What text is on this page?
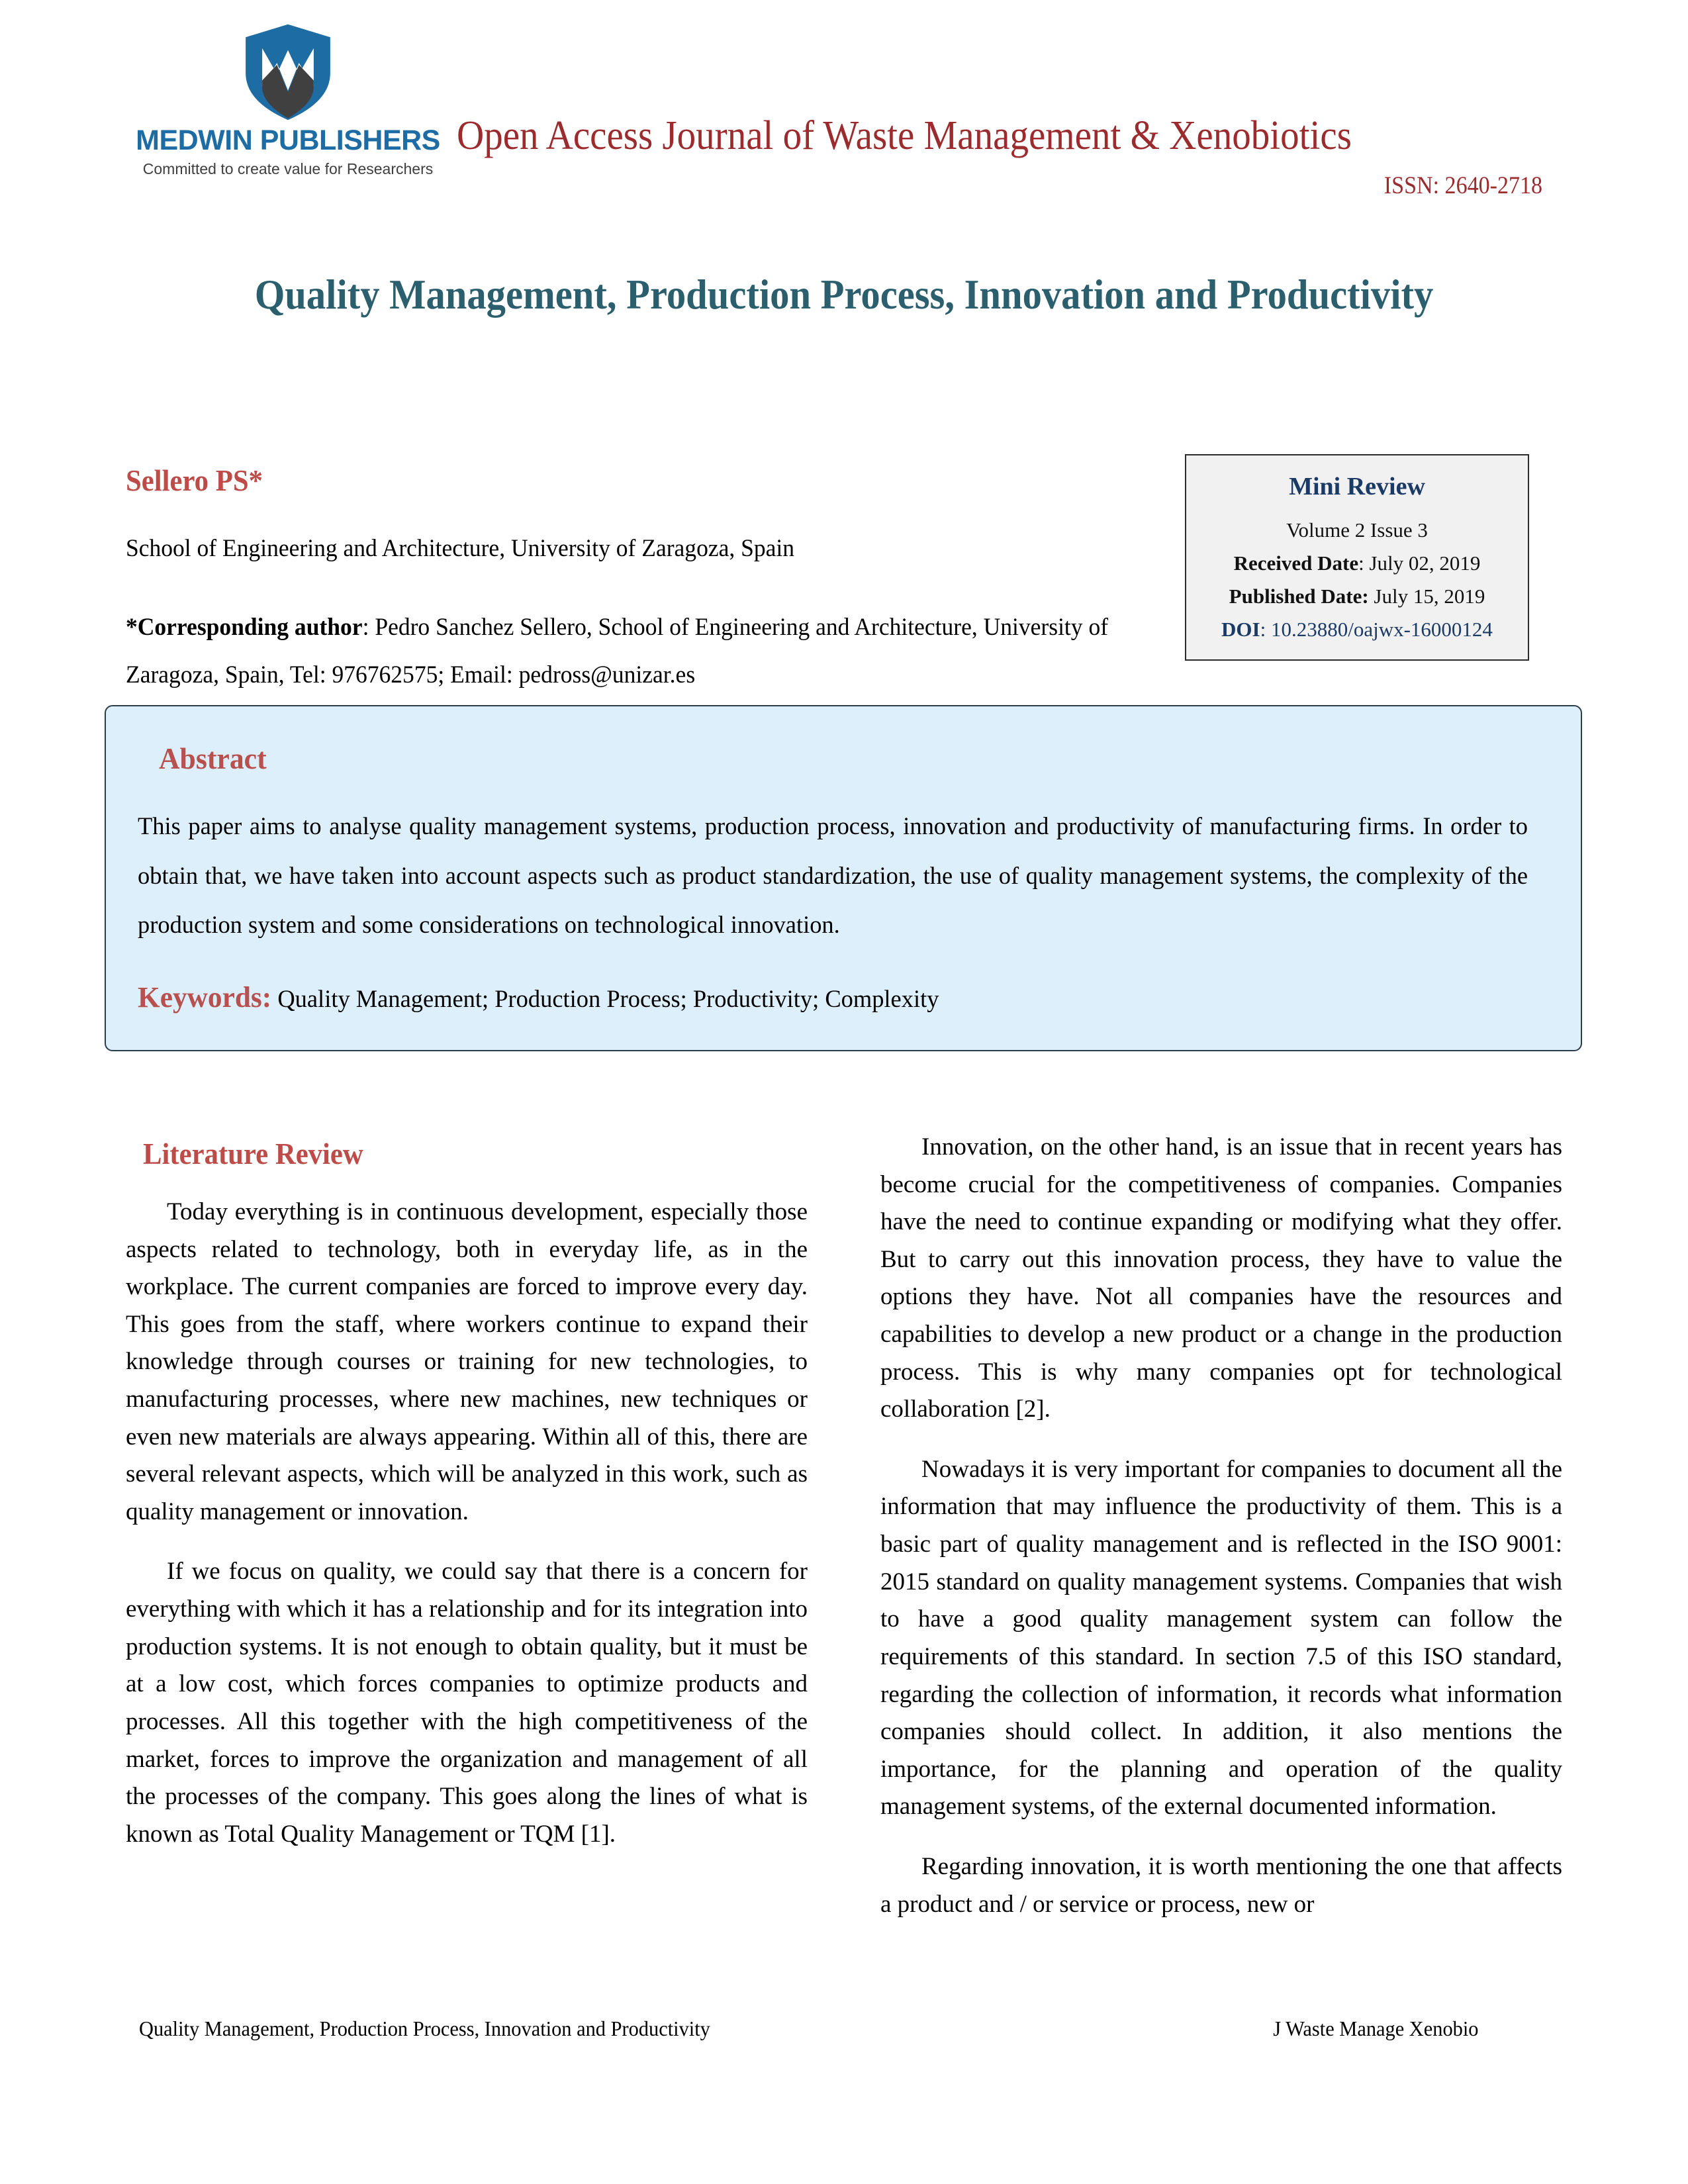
MEDWIN PUBLISHERS
Committed to create value for Researchers
Open Access Journal of Waste Management & Xenobiotics
ISSN: 2640-2718
Quality Management, Production Process, Innovation and Productivity
Sellero PS*
School of Engineering and Architecture, University of Zaragoza, Spain
*Corresponding author: Pedro Sanchez Sellero, School of Engineering and Architecture, University of Zaragoza, Spain, Tel: 976762575; Email: pedross@unizar.es
Mini Review
Volume 2 Issue 3
Received Date: July 02, 2019
Published Date: July 15, 2019
DOI: 10.23880/oajwx-16000124
Abstract

This paper aims to analyse quality management systems, production process, innovation and productivity of manufacturing firms. In order to obtain that, we have taken into account aspects such as product standardization, the use of quality management systems, the complexity of the production system and some considerations on technological innovation.

Keywords: Quality Management; Production Process; Productivity; Complexity

Literature Review

Today everything is in continuous development, especially those aspects related to technology, both in everyday life, as in the workplace. The current companies are forced to improve every day. This goes from the staff, where workers continue to expand their knowledge through courses or training for new technologies, to manufacturing processes, where new machines, new techniques or even new materials are always appearing. Within all of this, there are several relevant aspects, which will be analyzed in this work, such as quality management or innovation.

If we focus on quality, we could say that there is a concern for everything with which it has a relationship and for its integration into production systems. It is not enough to obtain quality, but it must be at a low cost, which forces companies to optimize products and processes. All this together with the high competitiveness of the market, forces to improve the organization and management of all the processes of the company. This goes along the lines of what is known as Total Quality Management or TQM [1].

Innovation, on the other hand, is an issue that in recent years has become crucial for the competitiveness of companies. Companies have the need to continue expanding or modifying what they offer. But to carry out this innovation process, they have to value the options they have. Not all companies have the resources and capabilities to develop a new product or a change in the production process. This is why many companies opt for technological collaboration [2].

Nowadays it is very important for companies to document all the information that may influence the productivity of them. This is a basic part of quality management and is reflected in the ISO 9001: 2015 standard on quality management systems. Companies that wish to have a good quality management system can follow the requirements of this standard. In section 7.5 of this ISO standard, regarding the collection of information, it records what information companies should collect. In addition, it also mentions the importance, for the planning and operation of the quality management systems, of the external documented information.

Regarding innovation, it is worth mentioning the one that affects a product and / or service or process, new or

Quality Management, Production Process, Innovation and Productivity	J Waste Manage Xenobio
